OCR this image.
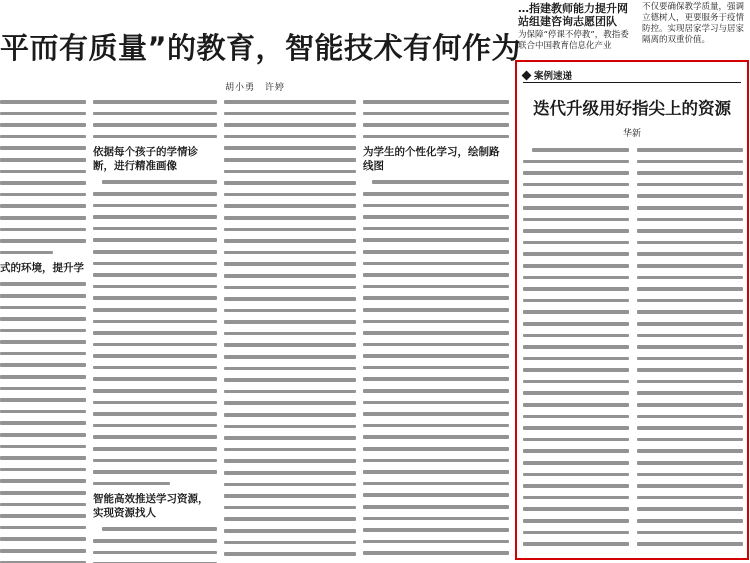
…指建教师能力提升网
站组建咨询志愿团队
为保障“停课不停教”，教指委联合中国教育信息化产业
不仅要确保教学质量，强调立德树人，更要服务于疫情防控。实现居家学习与居家隔离的双重价值。
平而有质量”的教育，智能技术有何作为
胡小勇　许婷
式的环境，提升学
依据每个孩子的学情诊断，进行精准画像
智能高效推送学习资源，实现资源找人
为学生的个性化学习，绘制路线图
案例速递
迭代升级用好指尖上的资源
华新
